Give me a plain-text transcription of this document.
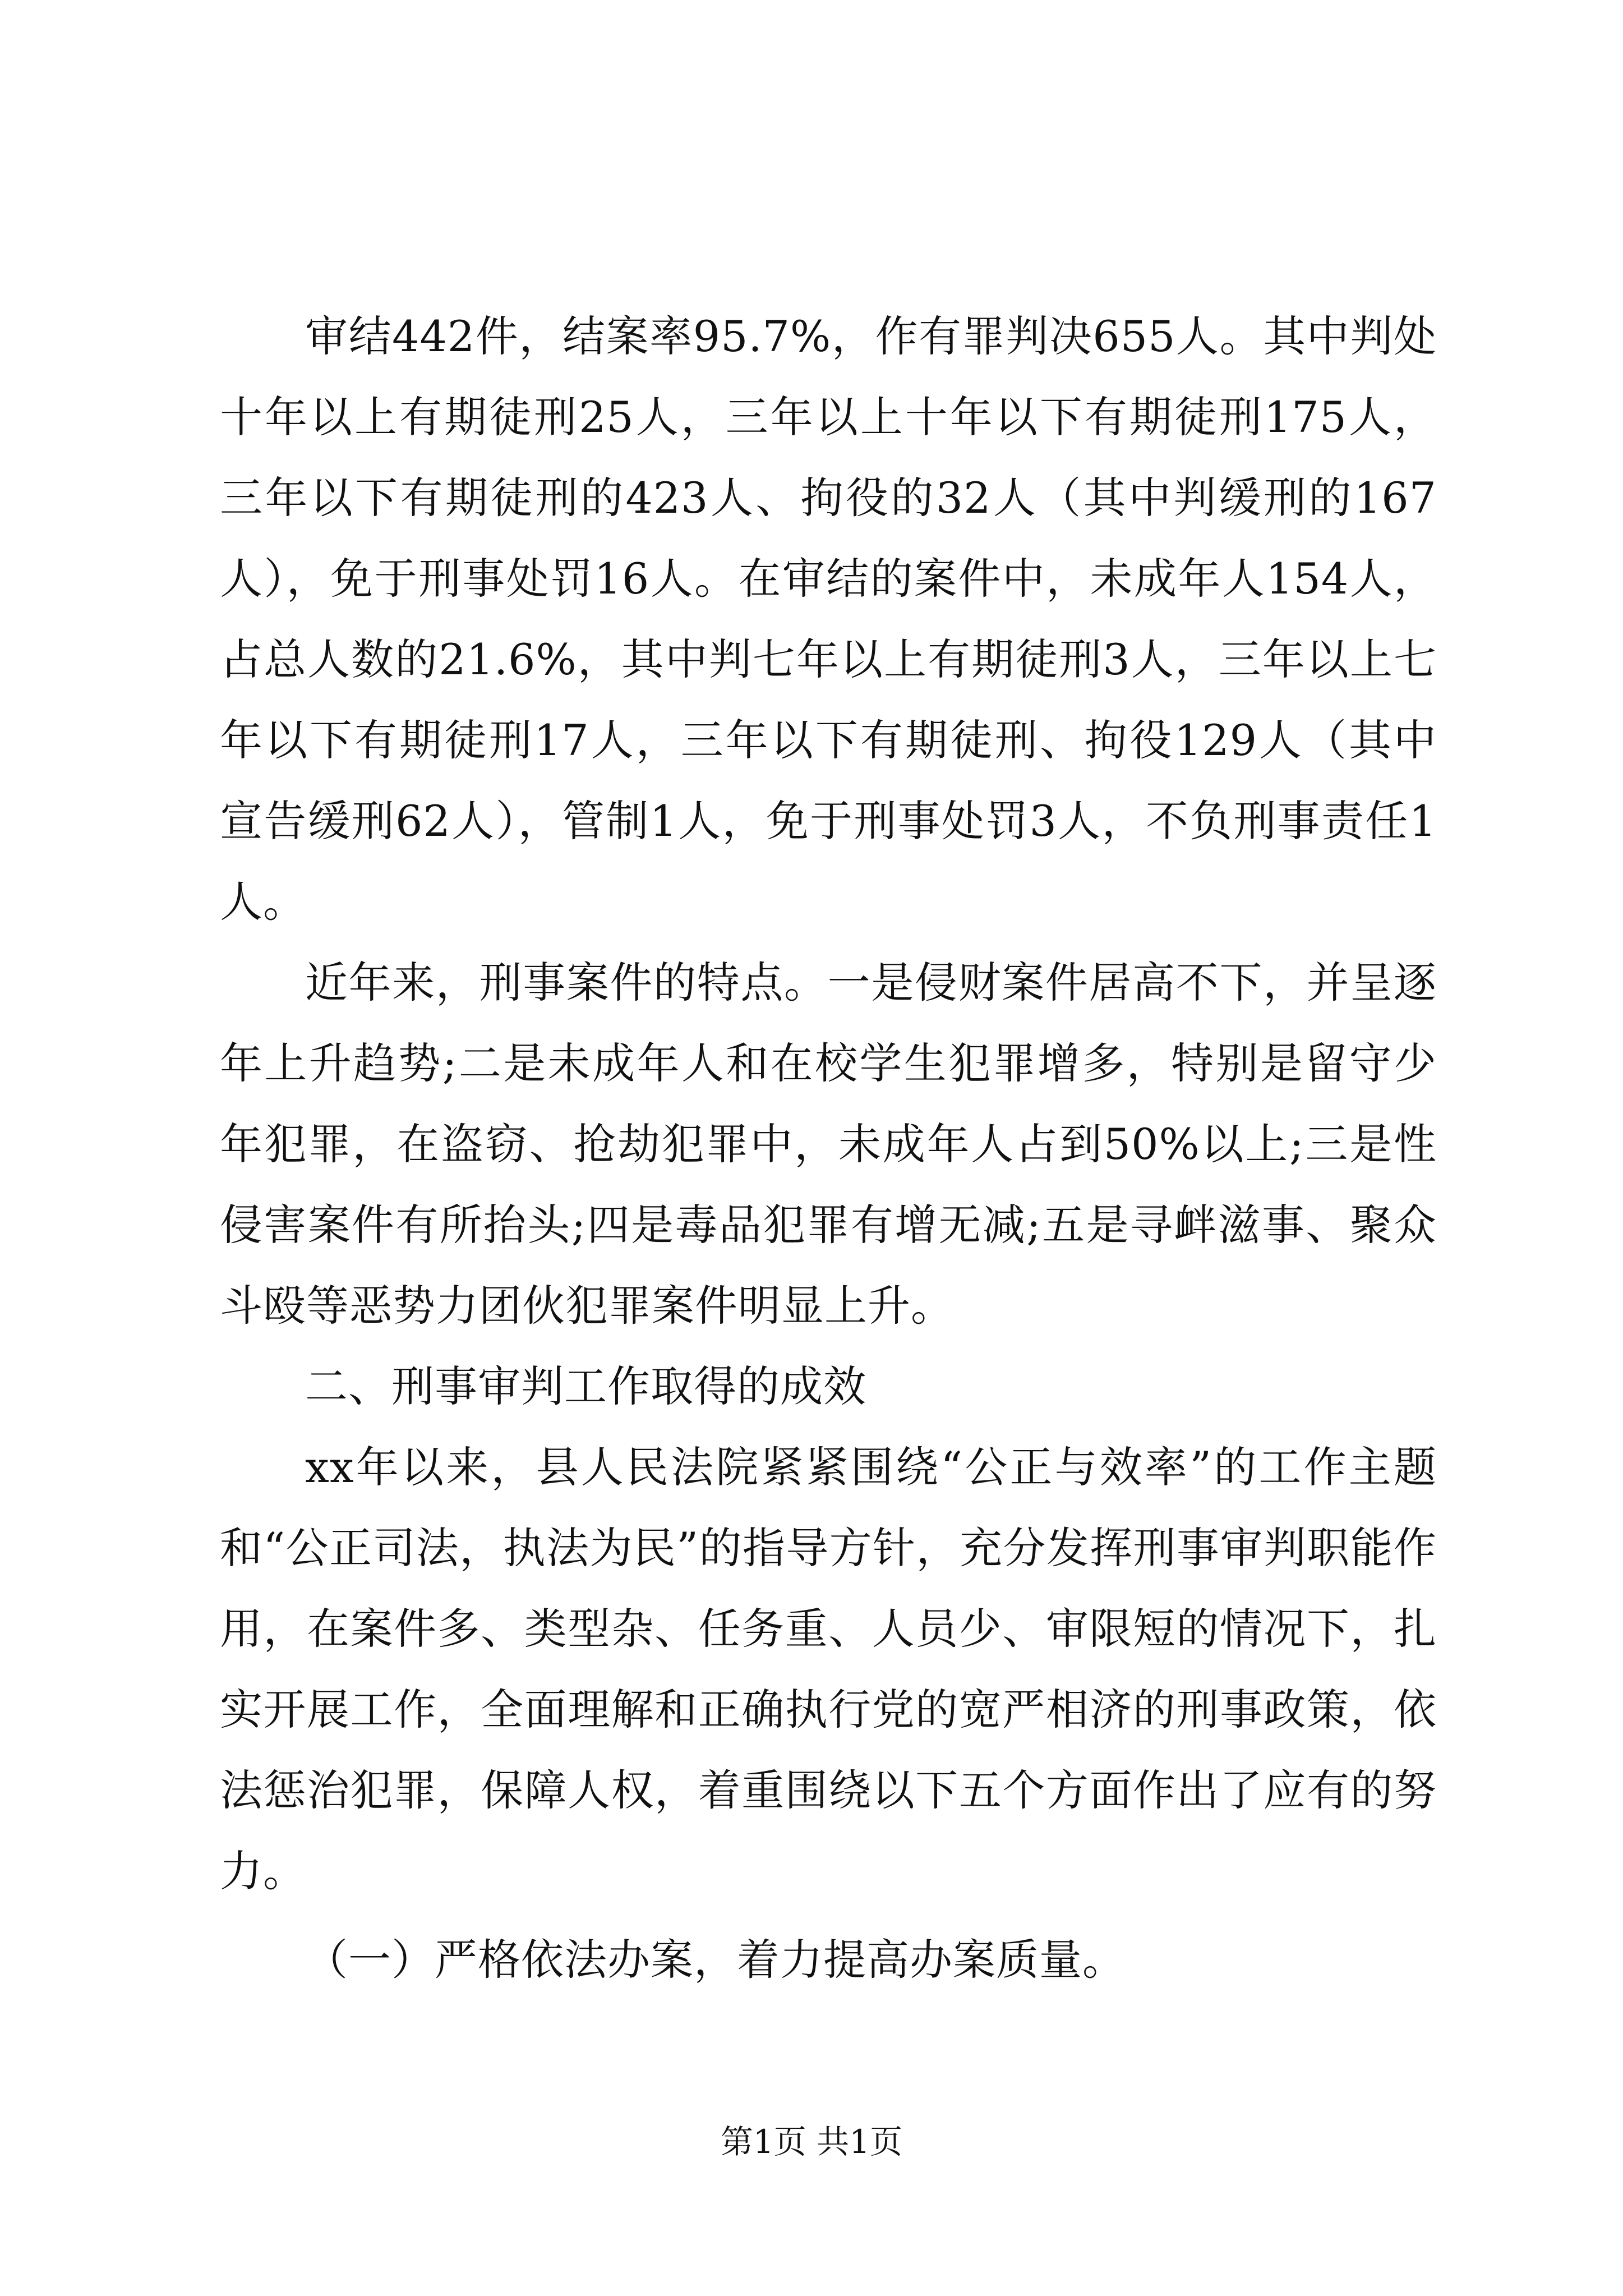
审结442件，结案率95.7%，作有罪判决655人。其中判处十年以上有期徒刑25人，三年以上十年以下有期徒刑175人，三年以下有期徒刑的423人、拘役的32人（其中判缓刑的167人），免于刑事处罚16人。在审结的案件中，未成年人154人，占总人数的21.6%，其中判七年以上有期徒刑3人，三年以上七年以下有期徒刑17人，三年以下有期徒刑、拘役129人（其中宣告缓刑62人），管制1人，免于刑事处罚3人，不负刑事责任1人。

近年来，刑事案件的特点。一是侵财案件居高不下，并呈逐年上升趋势;二是未成年人和在校学生犯罪增多，特别是留守少年犯罪，在盗窃、抢劫犯罪中，未成年人占到50%以上;三是性侵害案件有所抬头;四是毒品犯罪有增无减;五是寻衅滋事、聚众斗殴等恶势力团伙犯罪案件明显上升。

二、刑事审判工作取得的成效

xx年以来，县人民法院紧紧围绕“公正与效率”的工作主题和“公正司法，执法为民”的指导方针，充分发挥刑事审判职能作用，在案件多、类型杂、任务重、人员少、审限短的情况下，扎实开展工作，全面理解和正确执行党的宽严相济的刑事政策，依法惩治犯罪，保障人权，着重围绕以下五个方面作出了应有的努力。

（一）严格依法办案，着力提高办案质量。

第1页 共1页
